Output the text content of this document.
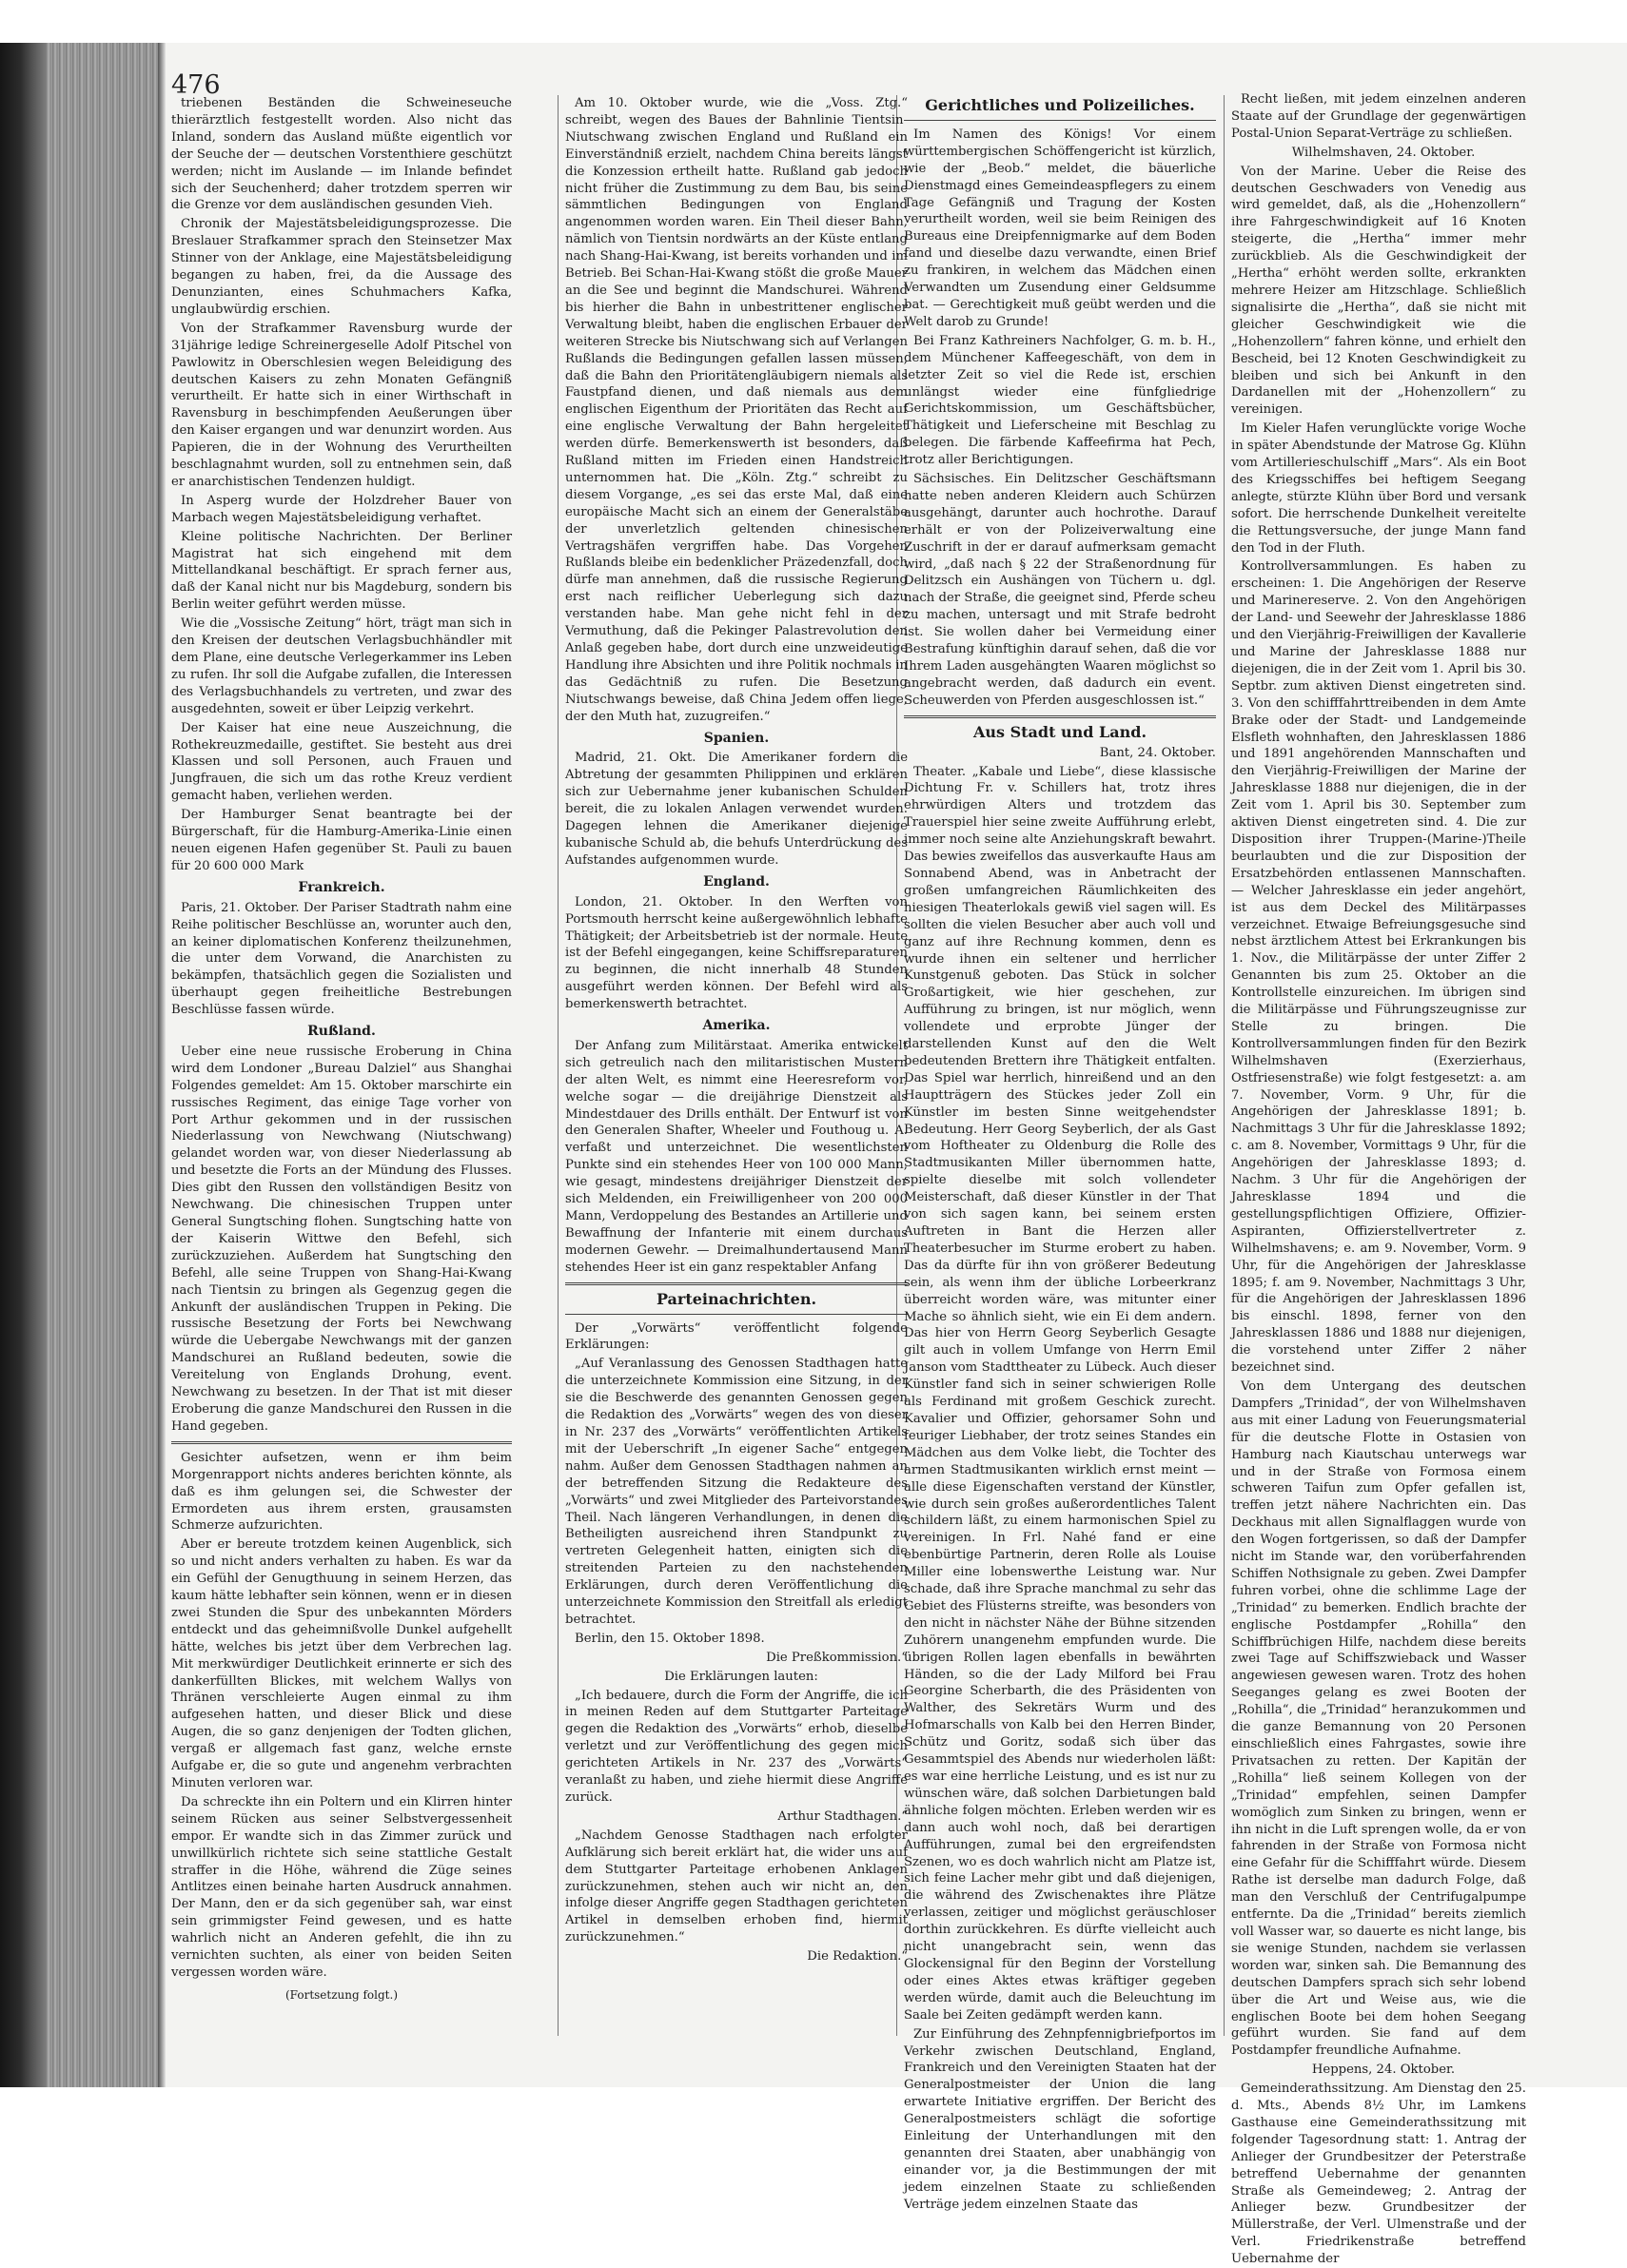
476

triebenen Beständen die Schweineseuche thierärztlich festgestellt worden. Also nicht das Inland, sondern das Ausland müßte eigentlich vor der Seuche der — deutschen Vorstenthiere geschützt werden; nicht im Auslande — im Inlande befindet sich der Seuchenherd; daher trotzdem sperren wir die Grenze vor dem ausländischen gesunden Vieh.

Chronik der Majestätsbeleidigungsprozesse. Die Breslauer Strafkammer sprach den Steinsetzer Max Stinner von der Anklage, eine Majestätsbeleidigung begangen zu haben, frei, da die Aussage des Denunzianten, eines Schuhmachers Kafka, unglaubwürdig erschien.

Von der Strafkammer Ravensburg wurde der 31jährige ledige Schreinergeselle Adolf Pitschel von Pawlowitz in Oberschlesien wegen Beleidigung des deutschen Kaisers zu zehn Monaten Gefängniß verurtheilt. Er hatte sich in einer Wirthschaft in Ravensburg in beschimpfenden Aeußerungen über den Kaiser ergangen und war denunzirt worden. Aus Papieren, die in der Wohnung des Verurtheilten beschlagnahmt wurden, soll zu entnehmen sein, daß er anarchistischen Tendenzen huldigt.

In Asperg wurde der Holzdreher Bauer von Marbach wegen Majestätsbeleidigung verhaftet.

Kleine politische Nachrichten. Der Berliner Magistrat hat sich eingehend mit dem Mittellandkanal beschäftigt. Er sprach ferner aus, daß der Kanal nicht nur bis Magdeburg, sondern bis Berlin weiter geführt werden müsse.

Wie die „Vossische Zeitung“ hört, trägt man sich in den Kreisen der deutschen Verlagsbuchhändler mit dem Plane, eine deutsche Verlegerkammer ins Leben zu rufen. Ihr soll die Aufgabe zufallen, die Interessen des Verlagsbuchhandels zu vertreten, und zwar des ausgedehnten, soweit er über Leipzig verkehrt.

Der Kaiser hat eine neue Auszeichnung, die Rothekreuzmedaille, gestiftet. Sie besteht aus drei Klassen und soll Personen, auch Frauen und Jungfrauen, die sich um das rothe Kreuz verdient gemacht haben, verliehen werden.

Der Hamburger Senat beantragte bei der Bürgerschaft, für die Hamburg-Amerika-Linie einen neuen eigenen Hafen gegenüber St. Pauli zu bauen für 20 600 000 Mark

Frankreich.

Paris, 21. Oktober. Der Pariser Stadtrath nahm eine Reihe politischer Beschlüsse an, worunter auch den, an keiner diplomatischen Konferenz theilzunehmen, die unter dem Vorwand, die Anarchisten zu bekämpfen, thatsächlich gegen die Sozialisten und überhaupt gegen freiheitliche Bestrebungen Beschlüsse fassen würde.

Rußland.

Ueber eine neue russische Eroberung in China wird dem Londoner „Bureau Dalziel“ aus Shanghai Folgendes gemeldet: Am 15. Oktober marschirte ein russisches Regiment, das einige Tage vorher von Port Arthur gekommen und in der russischen Niederlassung von Newchwang (Niutschwang) gelandet worden war, von dieser Niederlassung ab und besetzte die Forts an der Mündung des Flusses. Dies gibt den Russen den vollständigen Besitz von Newchwang. Die chinesischen Truppen unter General Sungtsching flohen. Sungtsching hatte von der Kaiserin Wittwe den Befehl, sich zurückzuziehen. Außerdem hat Sungtsching den Befehl, alle seine Truppen von Shang-Hai-Kwang nach Tientsin zu bringen als Gegenzug gegen die Ankunft der ausländischen Truppen in Peking. Die russische Besetzung der Forts bei Newchwang würde die Uebergabe Newchwangs mit der ganzen Mandschurei an Rußland bedeuten, sowie die Vereitelung von Englands Drohung, event. Newchwang zu besetzen. In der That ist mit dieser Eroberung die ganze Mandschurei den Russen in die Hand gegeben.

Gesichter aufsetzen, wenn er ihm beim Morgenrapport nichts anderes berichten könnte, als daß es ihm gelungen sei, die Schwester der Ermordeten aus ihrem ersten, grausamsten Schmerze aufzurichten.

Aber er bereute trotzdem keinen Augenblick, sich so und nicht anders verhalten zu haben. Es war da ein Gefühl der Genugthuung in seinem Herzen, das kaum hätte lebhafter sein können, wenn er in diesen zwei Stunden die Spur des unbekannten Mörders entdeckt und das geheimnißvolle Dunkel aufgehellt hätte, welches bis jetzt über dem Verbrechen lag. Mit merkwürdiger Deutlichkeit erinnerte er sich des dankerfüllten Blickes, mit welchem Wallys von Thränen verschleierte Augen einmal zu ihm aufgesehen hatten, und dieser Blick und diese Augen, die so ganz denjenigen der Todten glichen, vergaß er allgemach fast ganz, welche ernste Aufgabe er, die so gute und angenehm verbrachten Minuten verloren war.

Da schreckte ihn ein Poltern und ein Klirren hinter seinem Rücken aus seiner Selbstvergessenheit empor. Er wandte sich in das Zimmer zurück und unwillkürlich richtete sich seine stattliche Gestalt straffer in die Höhe, während die Züge seines Antlitzes einen beinahe harten Ausdruck annahmen. Der Mann, den er da sich gegenüber sah, war einst sein grimmigster Feind gewesen, und es hatte wahrlich nicht an Anderen gefehlt, die ihn zu vernichten suchten, als einer von beiden Seiten vergessen worden wäre.

(Fortsetzung folgt.)

Am 10. Oktober wurde, wie die „Voss. Ztg.“ schreibt, wegen des Baues der Bahnlinie Tientsin-Niutschwang zwischen England und Rußland ein Einverständniß erzielt, nachdem China bereits längst die Konzession ertheilt hatte. Rußland gab jedoch nicht früher die Zustimmung zu dem Bau, bis seine sämmtlichen Bedingungen von England angenommen worden waren. Ein Theil dieser Bahn, nämlich von Tientsin nordwärts an der Küste entlang nach Shang-Hai-Kwang, ist bereits vorhanden und im Betrieb. Bei Schan-Hai-Kwang stößt die große Mauer an die See und beginnt die Mandschurei. Während bis hierher die Bahn in unbestrittener englischer Verwaltung bleibt, haben die englischen Erbauer der weiteren Strecke bis Niutschwang sich auf Verlangen Rußlands die Bedingungen gefallen lassen müssen, daß die Bahn den Prioritätengläubigern niemals als Faustpfand dienen, und daß niemals aus dem englischen Eigenthum der Prioritäten das Recht auf eine englische Verwaltung der Bahn hergeleitet werden dürfe. Bemerkenswerth ist besonders, daß Rußland mitten im Frieden einen Handstreich unternommen hat. Die „Köln. Ztg.“ schreibt zu diesem Vorgange, „es sei das erste Mal, daß eine europäische Macht sich an einem der Generalstäbe der unverletzlich geltenden chinesischen Vertragshäfen vergriffen habe. Das Vorgehen Rußlands bleibe ein bedenklicher Präzedenzfall, doch dürfe man annehmen, daß die russische Regierung erst nach reiflicher Ueberlegung sich dazu verstanden habe. Man gehe nicht fehl in der Vermuthung, daß die Pekinger Palastrevolution den Anlaß gegeben habe, dort durch eine unzweideutige Handlung ihre Absichten und ihre Politik nochmals in das Gedächtniß zu rufen. Die Besetzung Niutschwangs beweise, daß China Jedem offen liege, der den Muth hat, zuzugreifen.“

Spanien.

Madrid, 21. Okt. Die Amerikaner fordern die Abtretung der gesammten Philippinen und erklären sich zur Uebernahme jener kubanischen Schulden bereit, die zu lokalen Anlagen verwendet wurden. Dagegen lehnen die Amerikaner diejenige kubanische Schuld ab, die behufs Unterdrückung des Aufstandes aufgenommen wurde.

England.

London, 21. Oktober. In den Werften von Portsmouth herrscht keine außergewöhnlich lebhafte Thätigkeit; der Arbeitsbetrieb ist der normale. Heute ist der Befehl eingegangen, keine Schiffsreparaturen zu beginnen, die nicht innerhalb 48 Stunden ausgeführt werden können. Der Befehl wird als bemerkenswerth betrachtet.

Amerika.

Der Anfang zum Militärstaat. Amerika entwickelt sich getreulich nach den militaristischen Mustern der alten Welt, es nimmt eine Heeresreform vor, welche sogar — die dreijährige Dienstzeit als Mindestdauer des Drills enthält. Der Entwurf ist von den Generalen Shafter, Wheeler und Fouthoug u. A. verfaßt und unterzeichnet. Die wesentlichsten Punkte sind ein stehendes Heer von 100 000 Mann, wie gesagt, mindestens dreijähriger Dienstzeit der sich Meldenden, ein Freiwilligenheer von 200 000 Mann, Verdoppelung des Bestandes an Artillerie und Bewaffnung der Infanterie mit einem durchaus modernen Gewehr. — Dreimalhundertausend Mann stehendes Heer ist ein ganz respektabler Anfang

Parteinachrichten.

Der „Vorwärts“ veröffentlicht folgende Erklärungen:

„Auf Veranlassung des Genossen Stadthagen hatte die unterzeichnete Kommission eine Sitzung, in der sie die Beschwerde des genannten Genossen gegen die Redaktion des „Vorwärts“ wegen des von dieser in Nr. 237 des „Vorwärts“ veröffentlichten Artikels mit der Ueberschrift „In eigener Sache“ entgegen nahm. Außer dem Genossen Stadthagen nahmen an der betreffenden Sitzung die Redakteure des „Vorwärts“ und zwei Mitglieder des Parteivorstandes Theil. Nach längeren Verhandlungen, in denen die Betheiligten ausreichend ihren Standpunkt zu vertreten Gelegenheit hatten, einigten sich die streitenden Parteien zu den nachstehenden Erklärungen, durch deren Veröffentlichung die unterzeichnete Kommission den Streitfall als erledigt betrachtet.

Berlin, den 15. Oktober 1898.

Die Preßkommission.“

Die Erklärungen lauten:

„Ich bedauere, durch die Form der Angriffe, die ich in meinen Reden auf dem Stuttgarter Parteitage gegen die Redaktion des „Vorwärts“ erhob, dieselbe verletzt und zur Veröffentlichung des gegen mich gerichteten Artikels in Nr. 237 des „Vorwärts“ veranlaßt zu haben, und ziehe hiermit diese Angriffe zurück.

Arthur Stadthagen.“

„Nachdem Genosse Stadthagen nach erfolgter Aufklärung sich bereit erklärt hat, die wider uns auf dem Stuttgarter Parteitage erhobenen Anklagen zurückzunehmen, stehen auch wir nicht an, den infolge dieser Angriffe gegen Stadthagen gerichteten Artikel in demselben erhoben find, hiermit zurückzunehmen.“

Die Redaktion.“

Gerichtliches und Polizeiliches.

Im Namen des Königs! Vor einem württembergischen Schöffengericht ist kürzlich, wie der „Beob.“ meldet, die bäuerliche Dienstmagd eines Gemeindeaspflegers zu einem Tage Gefängniß und Tragung der Kosten verurtheilt worden, weil sie beim Reinigen des Bureaus eine Dreipfennigmarke auf dem Boden fand und dieselbe dazu verwandte, einen Brief zu frankiren, in welchem das Mädchen einen Verwandten um Zusendung einer Geldsumme bat. — Gerechtigkeit muß geübt werden und die Welt darob zu Grunde!

Bei Franz Kathreiners Nachfolger, G. m. b. H., dem Münchener Kaffeegeschäft, von dem in letzter Zeit so viel die Rede ist, erschien unlängst wieder eine fünfgliedrige Gerichtskommission, um Geschäftsbücher, Thätigkeit und Lieferscheine mit Beschlag zu belegen. Die färbende Kaffeefirma hat Pech, trotz aller Berichtigungen.

Sächsisches. Ein Delitzscher Geschäftsmann hatte neben anderen Kleidern auch Schürzen ausgehängt, darunter auch hochrothe. Darauf erhält er von der Polizeiverwaltung eine Zuschrift in der er darauf aufmerksam gemacht wird, „daß nach § 22 der Straßenordnung für Delitzsch ein Aushängen von Tüchern u. dgl. nach der Straße, die geeignet sind, Pferde scheu zu machen, untersagt und mit Strafe bedroht ist. Sie wollen daher bei Vermeidung einer Bestrafung künftighin darauf sehen, daß die vor Ihrem Laden ausgehängten Waaren möglichst so angebracht werden, daß dadurch ein event. Scheuwerden von Pferden ausgeschlossen ist.“

Aus Stadt und Land.

Bant, 24. Oktober.

Theater. „Kabale und Liebe“, diese klassische Dichtung Fr. v. Schillers hat, trotz ihres ehrwürdigen Alters und trotzdem das Trauerspiel hier seine zweite Aufführung erlebt, immer noch seine alte Anziehungskraft bewahrt. Das bewies zweifellos das ausverkaufte Haus am Sonnabend Abend, was in Anbetracht der großen umfangreichen Räumlichkeiten des hiesigen Theaterlokals gewiß viel sagen will. Es sollten die vielen Besucher aber auch voll und ganz auf ihre Rechnung kommen, denn es wurde ihnen ein seltener und herrlicher Kunstgenuß geboten. Das Stück in solcher Großartigkeit, wie hier geschehen, zur Aufführung zu bringen, ist nur möglich, wenn vollendete und erprobte Jünger der darstellenden Kunst auf den die Welt bedeutenden Brettern ihre Thätigkeit entfalten. Das Spiel war herrlich, hinreißend und an den Hauptträgern des Stückes jeder Zoll ein Künstler im besten Sinne weitgehendster Bedeutung. Herr Georg Seyberlich, der als Gast vom Hoftheater zu Oldenburg die Rolle des Stadtmusikanten Miller übernommen hatte, spielte dieselbe mit solch vollendeter Meisterschaft, daß dieser Künstler in der That von sich sagen kann, bei seinem ersten Auftreten in Bant die Herzen aller Theaterbesucher im Sturme erobert zu haben. Das da dürfte für ihn von größerer Bedeutung sein, als wenn ihm der übliche Lorbeerkranz überreicht worden wäre, was mitunter einer Mache so ähnlich sieht, wie ein Ei dem andern. Das hier von Herrn Georg Seyberlich Gesagte gilt auch in vollem Umfange von Herrn Emil Janson vom Stadttheater zu Lübeck. Auch dieser Künstler fand sich in seiner schwierigen Rolle als Ferdinand mit großem Geschick zurecht. Kavalier und Offizier, gehorsamer Sohn und feuriger Liebhaber, der trotz seines Standes ein Mädchen aus dem Volke liebt, die Tochter des armen Stadtmusikanten wirklich ernst meint — alle diese Eigenschaften verstand der Künstler, wie durch sein großes außerordentliches Talent schildern läßt, zu einem harmonischen Spiel zu vereinigen. In Frl. Nahé fand er eine ebenbürtige Partnerin, deren Rolle als Louise Miller eine lobenswerthe Leistung war. Nur schade, daß ihre Sprache manchmal zu sehr das Gebiet des Flüsterns streifte, was besonders von den nicht in nächster Nähe der Bühne sitzenden Zuhörern unangenehm empfunden wurde. Die übrigen Rollen lagen ebenfalls in bewährten Händen, so die der Lady Milford bei Frau Georgine Scherbarth, die des Präsidenten von Walther, des Sekretärs Wurm und des Hofmarschalls von Kalb bei den Herren Binder, Schütz und Goritz, sodaß sich über das Gesammtspiel des Abends nur wiederholen läßt: es war eine herrliche Leistung, und es ist nur zu wünschen wäre, daß solchen Darbietungen bald ähnliche folgen möchten. Erleben werden wir es dann auch wohl noch, daß bei derartigen Aufführungen, zumal bei den ergreifendsten Szenen, wo es doch wahrlich nicht am Platze ist, sich feine Lacher mehr gibt und daß diejenigen, die während des Zwischenaktes ihre Plätze verlassen, zeitiger und möglichst geräuschloser dorthin zurückkehren. Es dürfte vielleicht auch nicht unangebracht sein, wenn das Glockensignal für den Beginn der Vorstellung oder eines Aktes etwas kräftiger gegeben werden würde, damit auch die Beleuchtung im Saale bei Zeiten gedämpft werden kann.

Zur Einführung des Zehnpfennigbriefportos im Verkehr zwischen Deutschland, England, Frankreich und den Vereinigten Staaten hat der Generalpostmeister der Union die lang erwartete Initiative ergriffen. Der Bericht des Generalpostmeisters schlägt die sofortige Einleitung der Unterhandlungen mit den genannten drei Staaten, aber unabhängig von einander vor, ja die Bestimmungen der mit jedem einzelnen Staate zu schließenden Verträge jedem einzelnen Staate das

Recht ließen, mit jedem einzelnen anderen Staate auf der Grundlage der gegenwärtigen Postal-Union Separat-Verträge zu schließen.

Wilhelmshaven, 24. Oktober.

Von der Marine. Ueber die Reise des deutschen Geschwaders von Venedig aus wird gemeldet, daß, als die „Hohenzollern“ ihre Fahrgeschwindigkeit auf 16 Knoten steigerte, die „Hertha“ immer mehr zurückblieb. Als die Geschwindigkeit der „Hertha“ erhöht werden sollte, erkrankten mehrere Heizer am Hitzschlage. Schließlich signalisirte die „Hertha“, daß sie nicht mit gleicher Geschwindigkeit wie die „Hohenzollern“ fahren könne, und erhielt den Bescheid, bei 12 Knoten Geschwindigkeit zu bleiben und sich bei Ankunft in den Dardanellen mit der „Hohenzollern“ zu vereinigen.

Im Kieler Hafen verunglückte vorige Woche in später Abendstunde der Matrose Gg. Klühn vom Artillerieschulschiff „Mars“. Als ein Boot des Kriegsschiffes bei heftigem Seegang anlegte, stürzte Klühn über Bord und versank sofort. Die herrschende Dunkelheit vereitelte die Rettungsversuche, der junge Mann fand den Tod in der Fluth.

Kontrollversammlungen. Es haben zu erscheinen: 1. Die Angehörigen der Reserve und Marinereserve. 2. Von den Angehörigen der Land- und Seewehr der Jahresklasse 1886 und den Vierjährig-Freiwilligen der Kavallerie und Marine der Jahresklasse 1888 nur diejenigen, die in der Zeit vom 1. April bis 30. Septbr. zum aktiven Dienst eingetreten sind. 3. Von den schifffahrttreibenden in dem Amte Brake oder der Stadt- und Landgemeinde Elsfleth wohnhaften, den Jahresklassen 1886 und 1891 angehörenden Mannschaften und den Vierjährig-Freiwilligen der Marine der Jahresklasse 1888 nur diejenigen, die in der Zeit vom 1. April bis 30. September zum aktiven Dienst eingetreten sind. 4. Die zur Disposition ihrer Truppen-(Marine-)Theile beurlaubten und die zur Disposition der Ersatzbehörden entlassenen Mannschaften. — Welcher Jahresklasse ein jeder angehört, ist aus dem Deckel des Militärpasses verzeichnet. Etwaige Befreiungsgesuche sind nebst ärztlichem Attest bei Erkrankungen bis 1. Nov., die Militärpässe der unter Ziffer 2 Genannten bis zum 25. Oktober an die Kontrollstelle einzureichen. Im übrigen sind die Militärpässe und Führungszeugnisse zur Stelle zu bringen. Die Kontrollversammlungen finden für den Bezirk Wilhelmshaven (Exerzierhaus, Ostfriesenstraße) wie folgt festgesetzt: a. am 7. November, Vorm. 9 Uhr, für die Angehörigen der Jahresklasse 1891; b. Nachmittags 3 Uhr für die Jahresklasse 1892; c. am 8. November, Vormittags 9 Uhr, für die Angehörigen der Jahresklasse 1893; d. Nachm. 3 Uhr für die Angehörigen der Jahresklasse 1894 und die gestellungspflichtigen Offiziere, Offizier-Aspiranten, Offizierstellvertreter z. Wilhelmshavens; e. am 9. November, Vorm. 9 Uhr, für die Angehörigen der Jahresklasse 1895; f. am 9. November, Nachmittags 3 Uhr, für die Angehörigen der Jahresklassen 1896 bis einschl. 1898, ferner von den Jahresklassen 1886 und 1888 nur diejenigen, die vorstehend unter Ziffer 2 näher bezeichnet sind.

Von dem Untergang des deutschen Dampfers „Trinidad“, der von Wilhelmshaven aus mit einer Ladung von Feuerungsmaterial für die deutsche Flotte in Ostasien von Hamburg nach Kiautschau unterwegs war und in der Straße von Formosa einem schweren Taifun zum Opfer gefallen ist, treffen jetzt nähere Nachrichten ein. Das Deckhaus mit allen Signalflaggen wurde von den Wogen fortgerissen, so daß der Dampfer nicht im Stande war, den vorüberfahrenden Schiffen Nothsignale zu geben. Zwei Dampfer fuhren vorbei, ohne die schlimme Lage der „Trinidad“ zu bemerken. Endlich brachte der englische Postdampfer „Rohilla“ den Schiffbrüchigen Hilfe, nachdem diese bereits zwei Tage auf Schiffszwieback und Wasser angewiesen gewesen waren. Trotz des hohen Seeganges gelang es zwei Booten der „Rohilla“, die „Trinidad“ heranzukommen und die ganze Bemannung von 20 Personen einschließlich eines Fahrgastes, sowie ihre Privatsachen zu retten. Der Kapitän der „Rohilla“ ließ seinem Kollegen von der „Trinidad“ empfehlen, seinen Dampfer womöglich zum Sinken zu bringen, wenn er ihn nicht in die Luft sprengen wolle, da er von fahrenden in der Straße von Formosa nicht eine Gefahr für die Schifffahrt würde. Diesem Rathe ist derselbe man dadurch Folge, daß man den Verschluß der Centrifugalpumpe entfernte. Da die „Trinidad“ bereits ziemlich voll Wasser war, so dauerte es nicht lange, bis sie wenige Stunden, nachdem sie verlassen worden war, sinken sah. Die Bemannung des deutschen Dampfers sprach sich sehr lobend über die Art und Weise aus, wie die englischen Boote bei dem hohen Seegang geführt wurden. Sie fand auf dem Postdampfer freundliche Aufnahme.

Heppens, 24. Oktober.

Gemeinderathssitzung. Am Dienstag den 25. d. Mts., Abends 8½ Uhr, im Lamkens Gasthause eine Gemeinderathssitzung mit folgender Tagesordnung statt: 1. Antrag der Anlieger der Grundbesitzer der Peterstraße betreffend Uebernahme der genannten Straße als Gemeindeweg; 2. Antrag der Anlieger bezw. Grundbesitzer der Müllerstraße, der Verl. Ulmenstraße und der Verl. Friedrikenstraße betreffend Uebernahme der
